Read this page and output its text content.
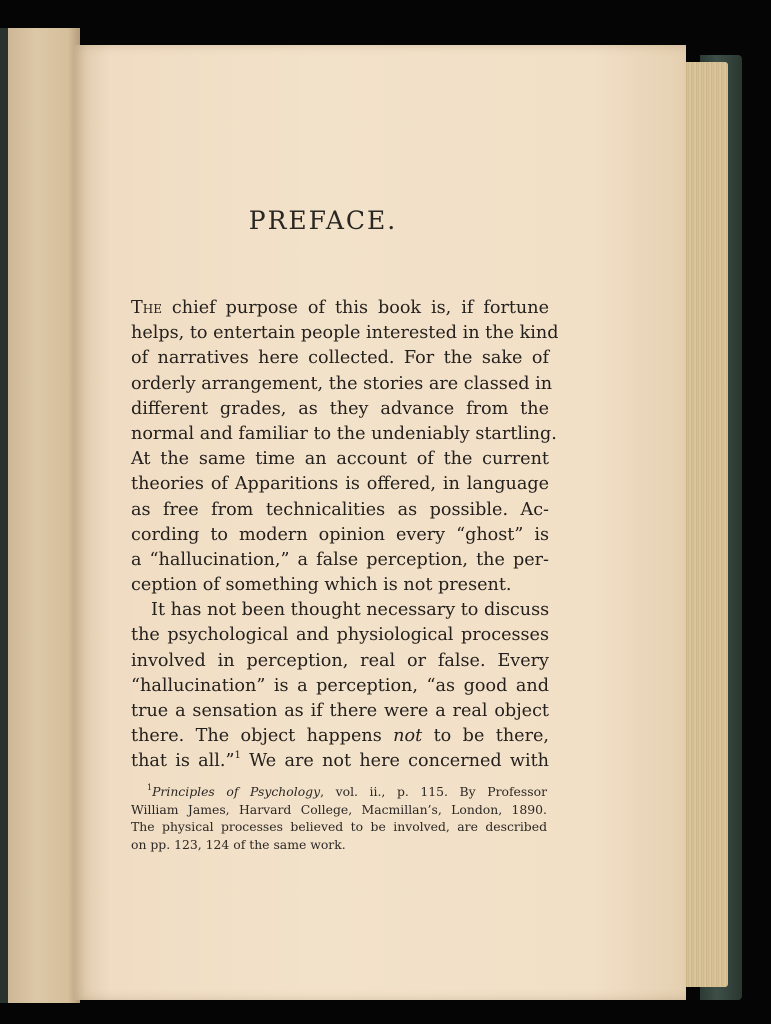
PREFACE.
The chief purpose of this book is, if fortune
helps, to entertain people interested in the kind
of narratives here collected. For the sake of
orderly arrangement, the stories are classed in
different grades, as they advance from the
normal and familiar to the undeniably startling.
At the same time an account of the current
theories of Apparitions is offered, in language
as free from technicalities as possible. Ac-
cording to modern opinion every “ghost” is
a “hallucination,” a false perception, the per-
ception of something which is not present.
It has not been thought necessary to discuss
the psychological and physiological processes
involved in perception, real or false. Every
“hallucination” is a perception, “as good and
true a sensation as if there were a real object
there. The object happens not to be there,
that is all.”$^1$ We are not here concerned with
$^1$Principles of Psychology, vol. ii., p. 115. By Professor
William James, Harvard College, Macmillan’s, London, 1890.
The physical processes believed to be involved, are described
on pp. 123, 124 of the same work.
